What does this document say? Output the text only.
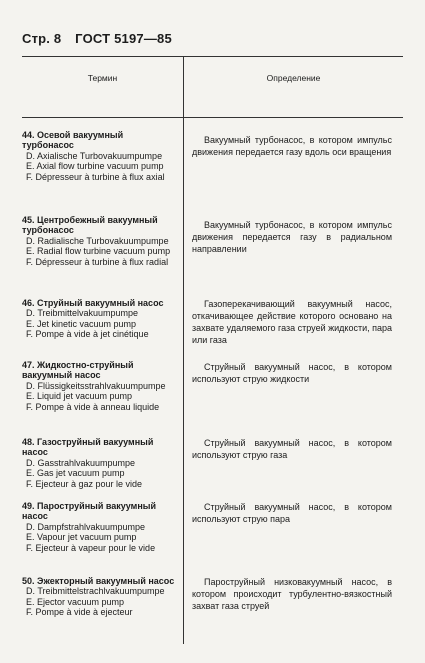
Стр. 8 ГОСТ 5197—85
Термин	Определение
44. Осевой вакуумный турбонасос
D. Axialische Turbovakuumpumpe
E. Axial flow turbine vacuum pump
F. Dépresseur à turbine à flux axial
Вакуумный турбонасос, в котором импульс движения передается газу вдоль оси вращения
45. Центробежный вакуумный турбонасос
D. Radialische Turbovakuumpumpe
E. Radial flow turbine vacuum pump
F. Dépresseur à turbine à flux radial
Вакуумный турбонасос, в котором импульс движения передается газу в радиальном направлении
46. Струйный вакуумный насос
D. Treibmittelvakuumpumpe
E. Jet kinetic vacuum pump
F. Pompe à vide à jet cinétique
Газоперекачивающий вакуумный насос, откачивающее действие которого основано на захвате удаляемого газа струей жидкости, пара или газа
47. Жидкостно-струйный вакуумный насос
D. Flüssigkeitsstrahlvakuumpumpe
E. Liquid jet vacuum pump
F. Pompe à vide à anneau liquide
Струйный вакуумный насос, в котором используют струю жидкости
48. Газоструйный вакуумный насос
D. Gasstrahlvakuumpumpe
E. Gas jet vacuum pump
F. Ejecteur à gaz pour le vide
Струйный вакуумный насос, в котором используют струю газа
49. Пароструйный вакуумный насос
D. Dampfstrahlvakuumpumpe
E. Vapour jet vacuum pump
F. Ejecteur à vapeur pour le vide
Струйный вакуумный насос, в котором используют струю пара
50. Эжекторный вакуумный насос
D. Treibmittelstrachlvakuumpumpe
E. Ejector vacuum pump
F. Pompe à vide à ejecteur
Пароструйный низковакуумный насос, в котором происходит турбулентно-вязкостный захват газа струей
